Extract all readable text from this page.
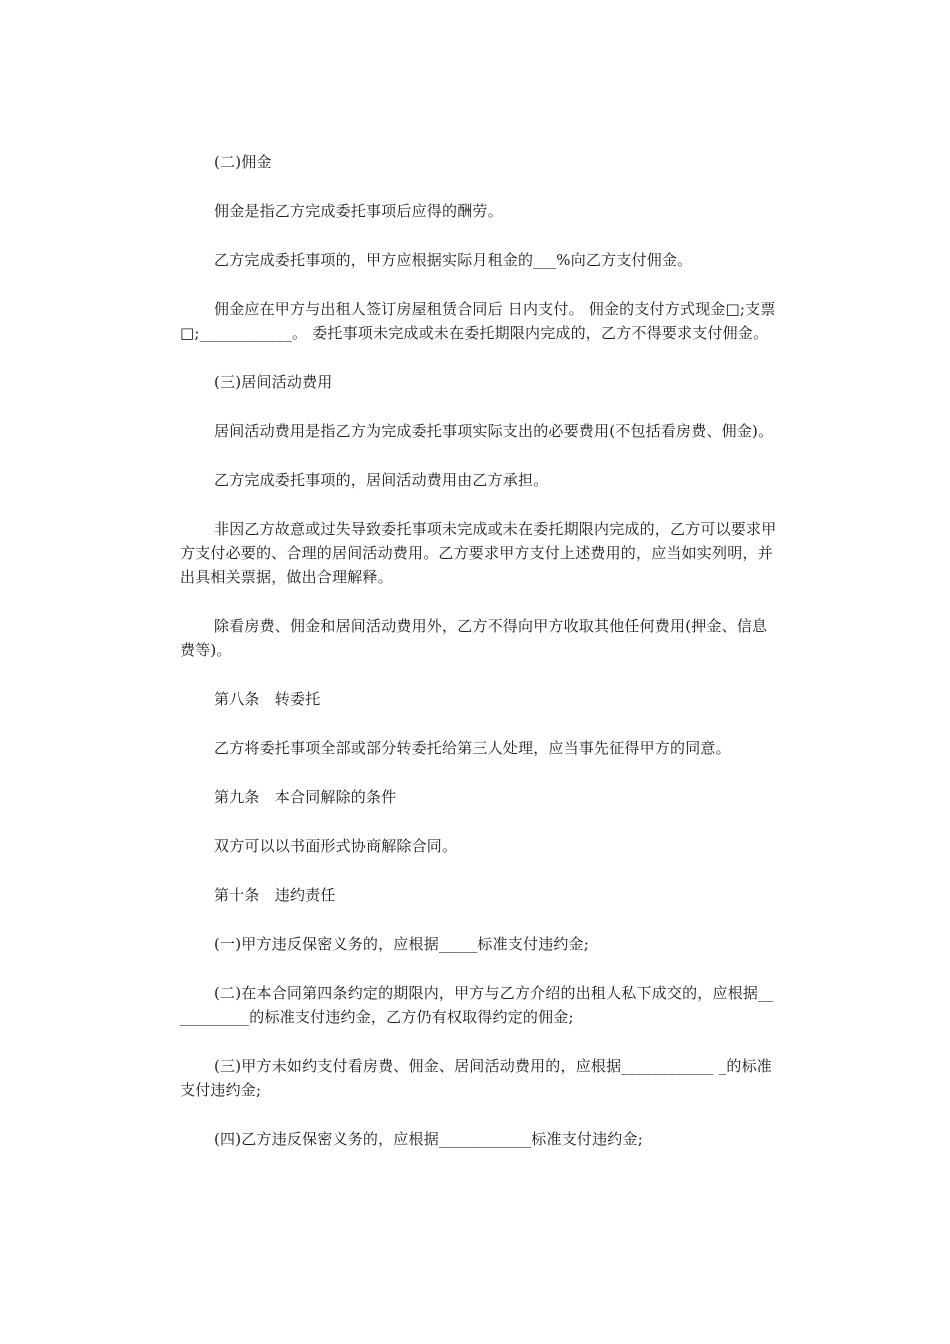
(二)佣金

佣金是指乙方完成委托事项后应得的酬劳。

乙方完成委托事项的，甲方应根据实际月租金的___%向乙方支付佣金。

佣金应在甲方与出租人签订房屋租赁合同后 日内支付。 佣金的支付方式现金□;支票□;____________。 委托事项未完成或未在委托期限内完成的，乙方不得要求支付佣金。

(三)居间活动费用

居间活动费用是指乙方为完成委托事项实际支出的必要费用(不包括看房费、佣金)。

乙方完成委托事项的，居间活动费用由乙方承担。

非因乙方故意或过失导致委托事项未完成或未在委托期限内完成的，乙方可以要求甲方支付必要的、合理的居间活动费用。乙方要求甲方支付上述费用的，应当如实列明，并出具相关票据，做出合理解释。

除看房费、佣金和居间活动费用外，乙方不得向甲方收取其他任何费用(押金、信息费等)。

第八条　转委托

乙方将委托事项全部或部分转委托给第三人处理，应当事先征得甲方的同意。

第九条　本合同解除的条件

双方可以以书面形式协商解除合同。

第十条　违约责任

(一)甲方违反保密义务的，应根据_____标准支付违约金;

(二)在本合同第四条约定的期限内，甲方与乙方介绍的出租人私下成交的，应根据___________的标准支付违约金，乙方仍有权取得约定的佣金;

(三)甲方未如约支付看房费、佣金、居间活动费用的，应根据____________ _的标准支付违约金;

(四)乙方违反保密义务的，应根据____________标准支付违约金;
